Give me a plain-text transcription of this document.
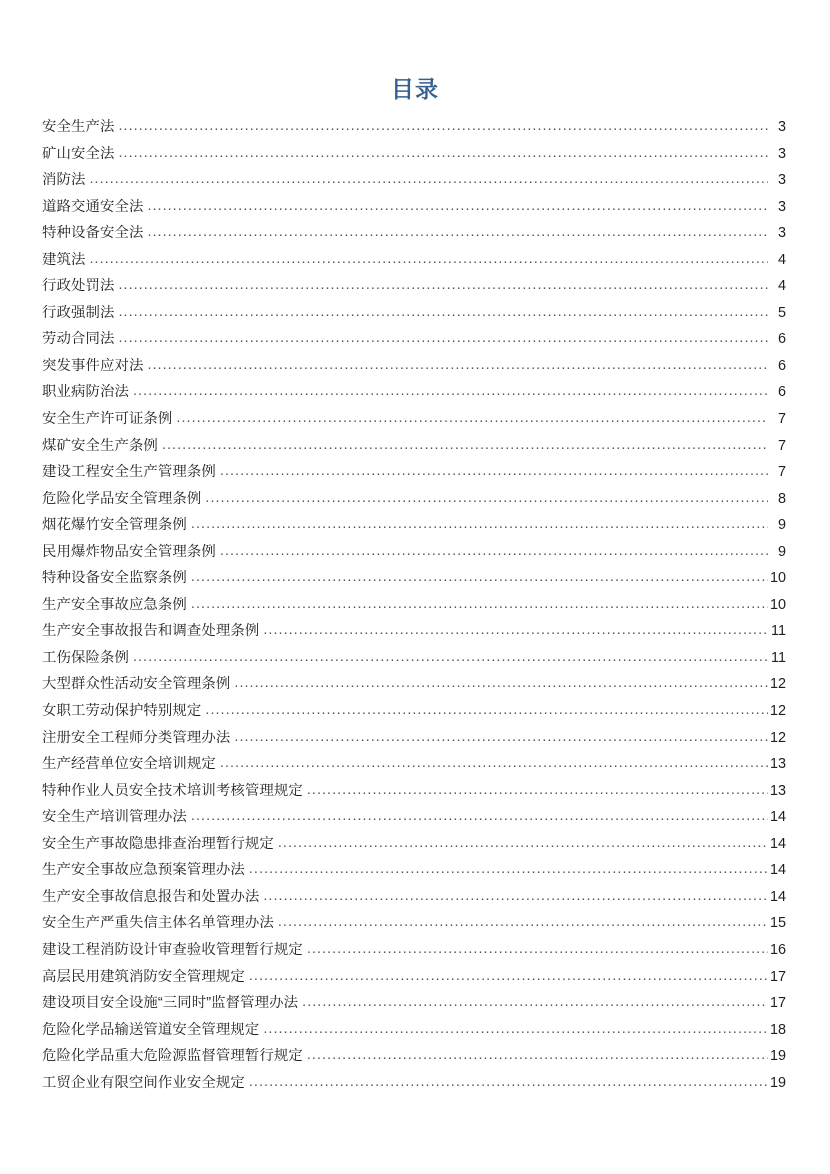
目录
安全生产法 .....	3
矿山安全法 .....	3
消防法 .....	3
道路交通安全法 .....	3
特种设备安全法 .....	3
建筑法 .....	4
行政处罚法 .....	4
行政强制法 .....	5
劳动合同法 .....	6
突发事件应对法 .....	6
职业病防治法 .....	6
安全生产许可证条例 .....	7
煤矿安全生产条例 .....	7
建设工程安全生产管理条例 .....	7
危险化学品安全管理条例 .....	8
烟花爆竹安全管理条例 .....	9
民用爆炸物品安全管理条例 .....	9
特种设备安全监察条例 .....	10
生产安全事故应急条例 .....	10
生产安全事故报告和调查处理条例 .....	11
工伤保险条例 .....	11
大型群众性活动安全管理条例 .....	12
女职工劳动保护特别规定 .....	12
注册安全工程师分类管理办法 .....	12
生产经营单位安全培训规定 .....	13
特种作业人员安全技术培训考核管理规定 .....	13
安全生产培训管理办法 .....	14
安全生产事故隐患排查治理暂行规定 .....	14
生产安全事故应急预案管理办法 .....	14
生产安全事故信息报告和处置办法 .....	14
安全生产严重失信主体名单管理办法 .....	15
建设工程消防设计审查验收管理暂行规定 .....	16
高层民用建筑消防安全管理规定 .....	17
建设项目安全设施“三同时”监督管理办法 .....	17
危险化学品输送管道安全管理规定 .....	18
危险化学品重大危险源监督管理暂行规定 .....	19
工贸企业有限空间作业安全规定 .....	19
